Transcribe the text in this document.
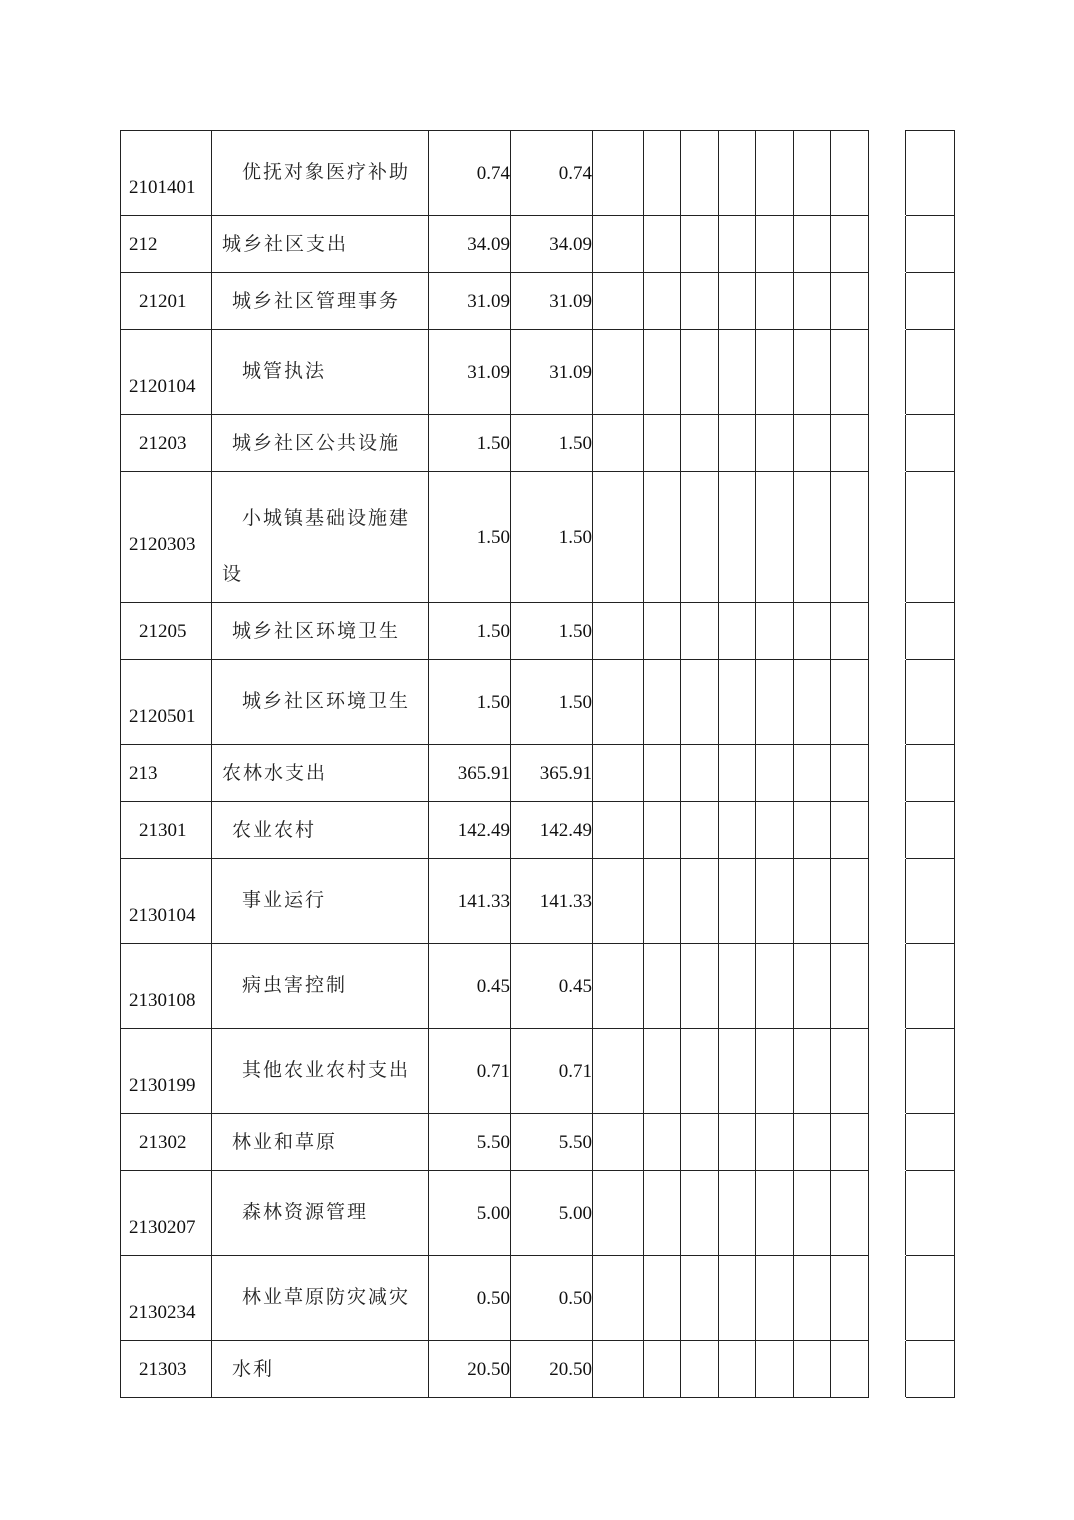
2101401	优抚对象医疗补助	0.74	0.74									
212	城乡社区支出	34.09	34.09									
21201	城乡社区管理事务	31.09	31.09									
2120104	城管执法	31.09	31.09									
21203	城乡社区公共设施	1.50	1.50									
2120303	小城镇基础设施建设	1.50	1.50									
21205	城乡社区环境卫生	1.50	1.50									
2120501	城乡社区环境卫生	1.50	1.50									
213	农林水支出	365.91	365.91									
21301	农业农村	142.49	142.49									
2130104	事业运行	141.33	141.33									
2130108	病虫害控制	0.45	0.45									
2130199	其他农业农村支出	0.71	0.71									
21302	林业和草原	5.50	5.50									
2130207	森林资源管理	5.00	5.00									
2130234	林业草原防灾减灾	0.50	0.50									
21303	水利	20.50	20.50									
